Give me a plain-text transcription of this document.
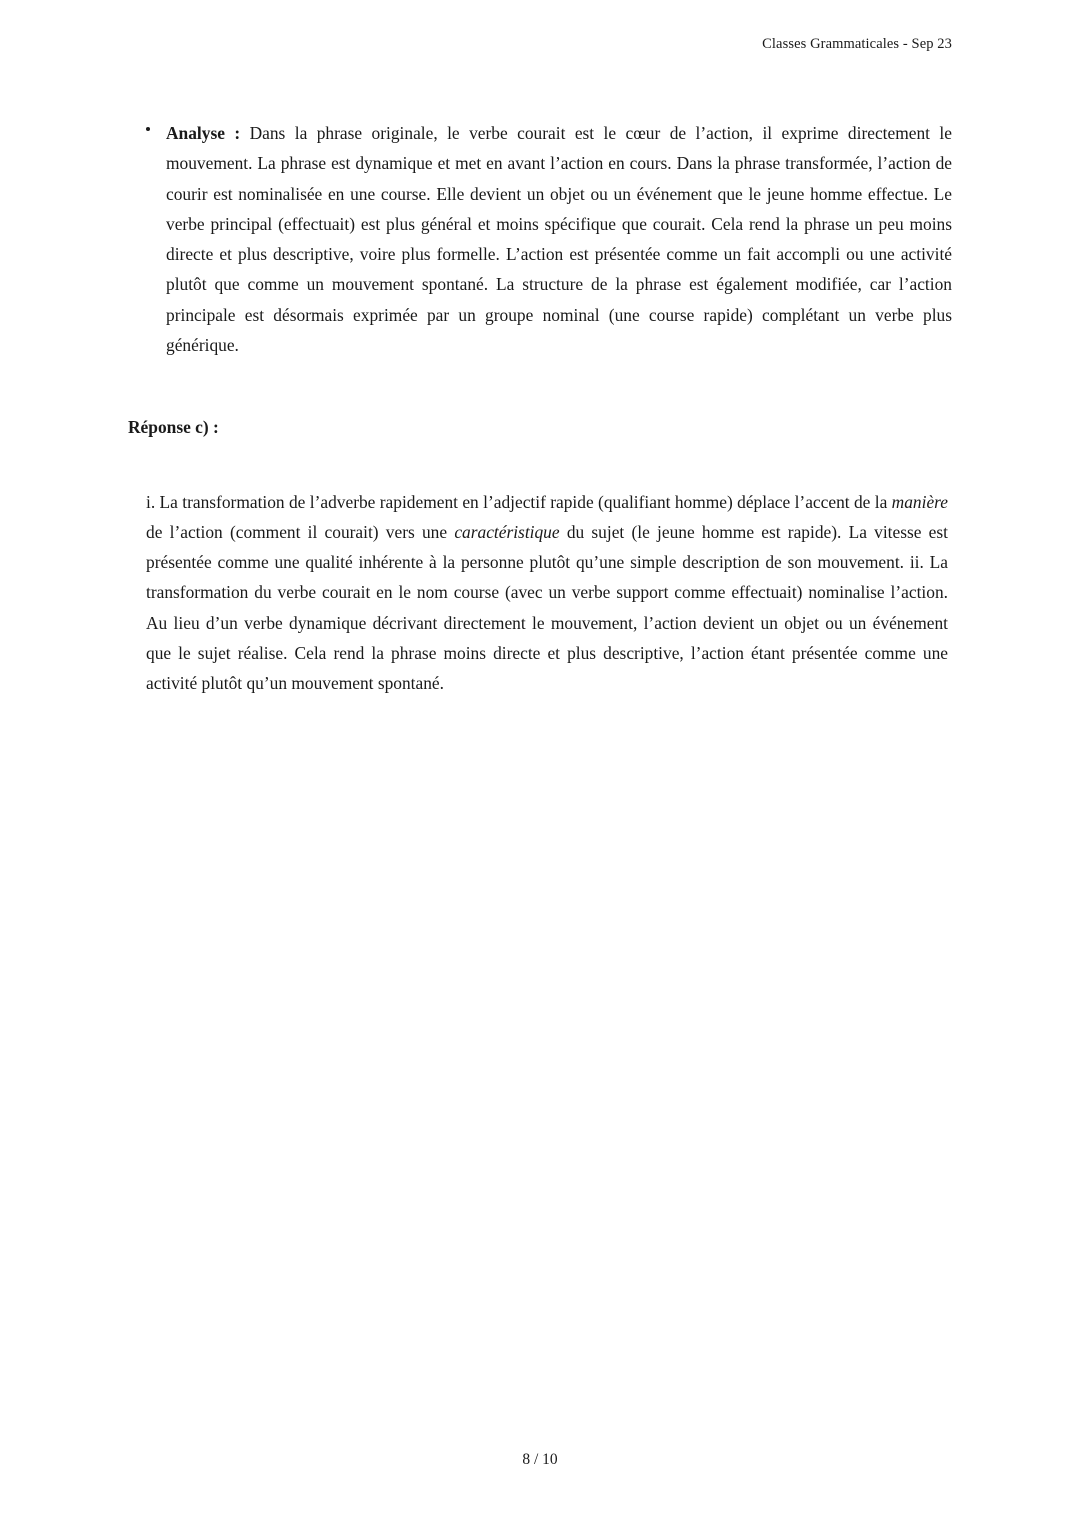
Classes Grammaticales - Sep 23

Analyse : Dans la phrase originale, le verbe courait est le cœur de l’action, il exprime directement le mouvement. La phrase est dynamique et met en avant l’action en cours. Dans la phrase transformée, l’action de courir est nominalisée en une course. Elle devient un objet ou un événement que le jeune homme effectue. Le verbe principal (effectuait) est plus général et moins spécifique que courait. Cela rend la phrase un peu moins directe et plus descriptive, voire plus formelle. L’action est présentée comme un fait accompli ou une activité plutôt que comme un mouvement spontané. La structure de la phrase est également modifiée, car l’action principale est désormais exprimée par un groupe nominal (une course rapide) complétant un verbe plus générique.

Réponse c) :

i. La transformation de l’adverbe rapidement en l’adjectif rapide (qualifiant homme) déplace l’accent de la manière de l’action (comment il courait) vers une caractéristique du sujet (le jeune homme est rapide). La vitesse est présentée comme une qualité inhérente à la personne plutôt qu’une simple description de son mouvement. ii. La transformation du verbe courait en le nom course (avec un verbe support comme effectuait) nominalise l’action. Au lieu d’un verbe dynamique décrivant directement le mouvement, l’action devient un objet ou un événement que le sujet réalise. Cela rend la phrase moins directe et plus descriptive, l’action étant présentée comme une activité plutôt qu’un mouvement spontané.

8 / 10
